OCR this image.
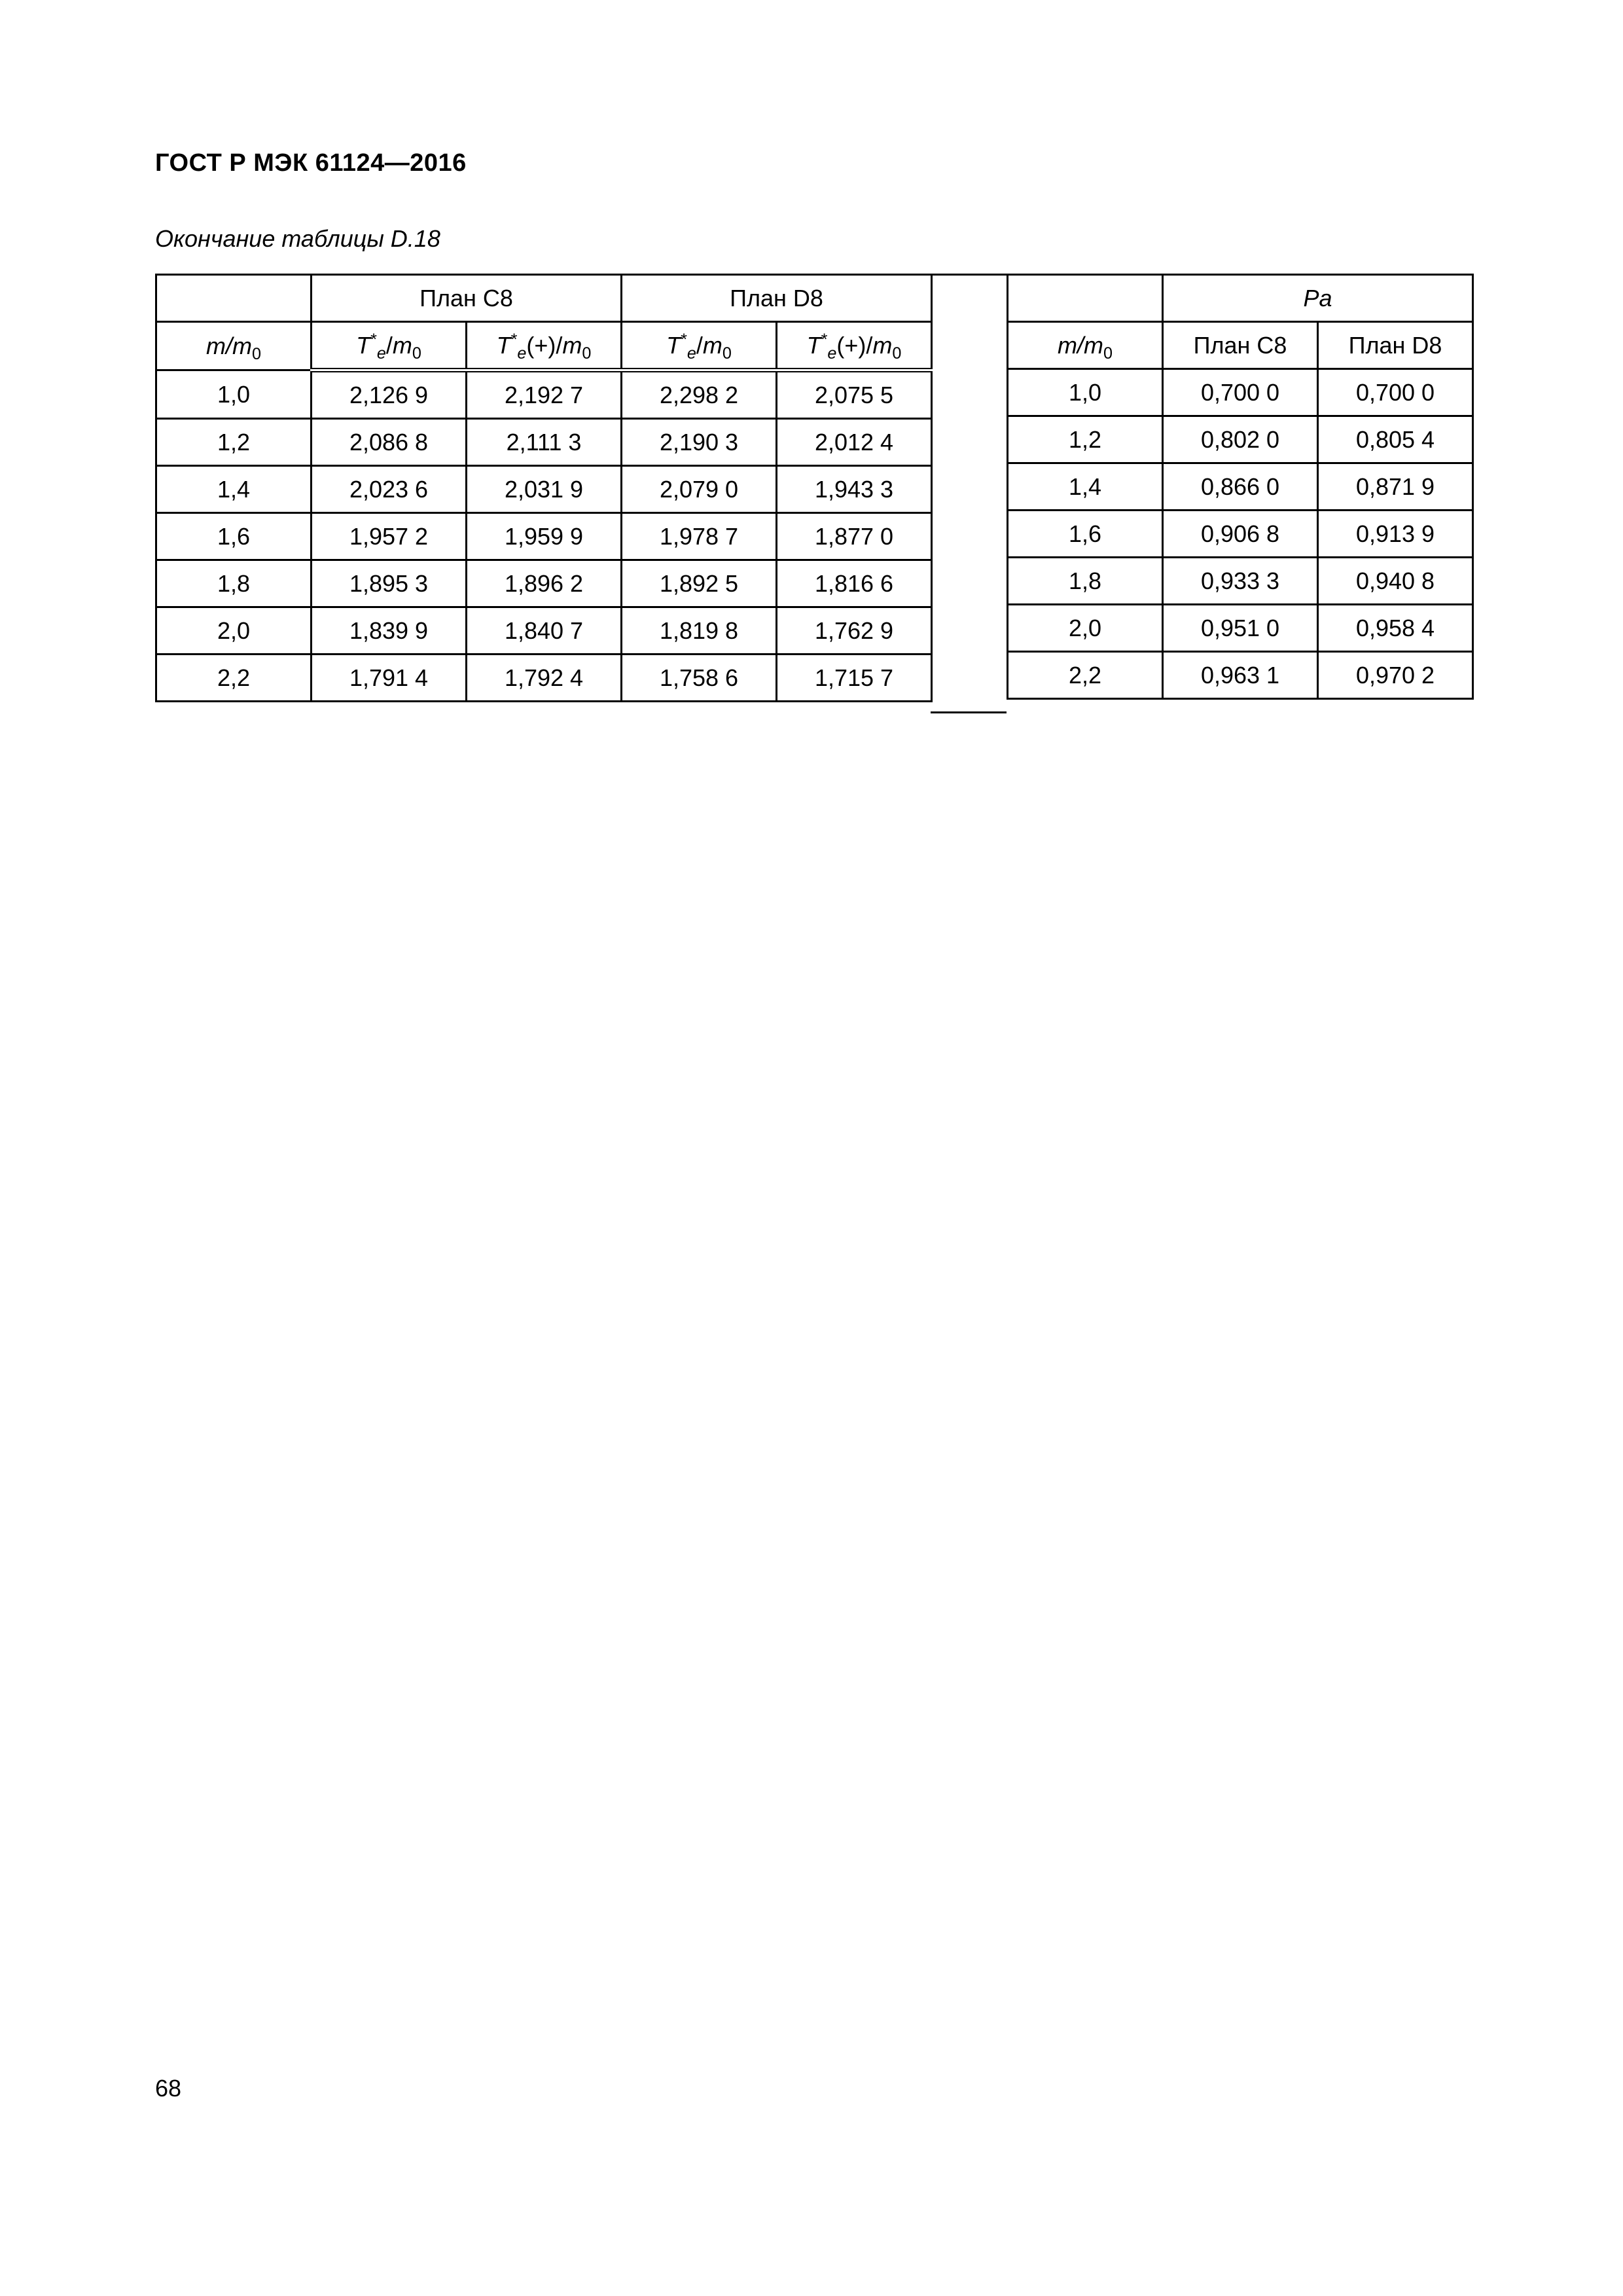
ГОСТ Р МЭК 61124—2016
Окончание таблицы D.18
	План C8		План D8	
$m/m_0$	$T^*_e/m_0$	$T^*_e(+)/m_0$	$T^*_e/m_0$	$T^*_e(+)/m_0$
1,0	2,126 9	2,192 7	2,298 2	2,075 5
1,2	2,086 8	2,111 3	2,190 3	2,012 4
1,4	2,023 6	2,031 9	2,079 0	1,943 3
1,6	1,957 2	1,959 9	1,978 7	1,877 0
1,8	1,895 3	1,896 2	1,892 5	1,816 6
2,0	1,839 9	1,840 7	1,819 8	1,762 9
2,2	1,791 4	1,792 4	1,758 6	1,715 7
	Pa	
$m/m_0$	План C8	План D8
1,0	0,700 0	0,700 0
1,2	0,802 0	0,805 4
1,4	0,866 0	0,871 9
1,6	0,906 8	0,913 9
1,8	0,933 3	0,940 8
2,0	0,951 0	0,958 4
2,2	0,963 1	0,970 2
68
